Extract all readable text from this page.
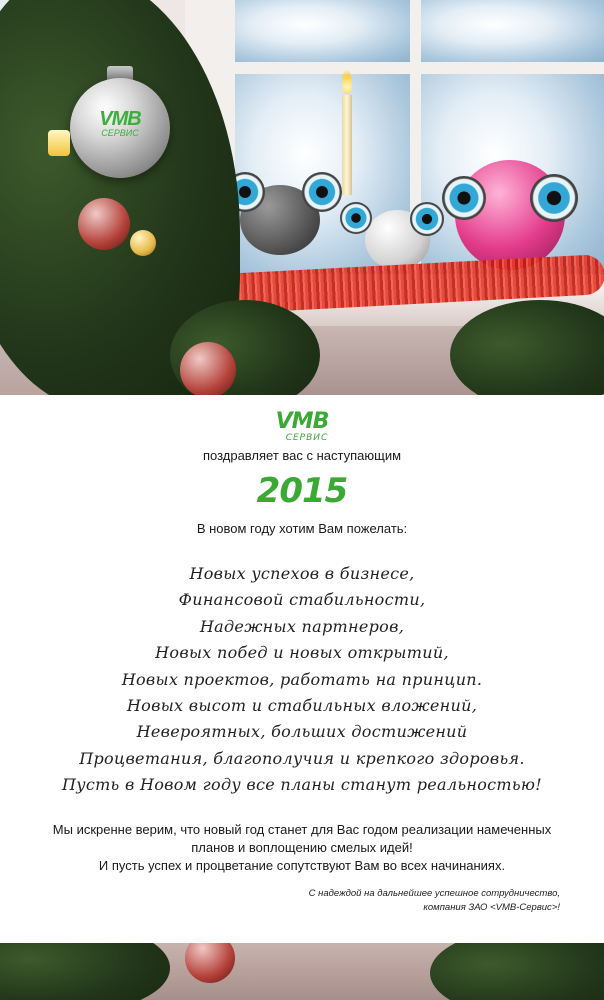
VMB
СЕРВИС
VMB
СЕРВИС
поздравляет вас с наступающим
2015
В новом году хотим Вам пожелать:
Новых успехов в бизнесе,
Финансовой стабильности,
Надежных партнеров,
Новых побед и новых открытий,
Новых проектов, работать на принцип.
Новых высот и стабильных вложений,
Невероятных, больших достижений
Процветания, благополучия и крепкого здоровья.
Пусть в Новом году все планы станут реальностью!
Мы искренне верим, что новый год станет для Вас годом реализации намеченных
планов и воплощению смелых идей!
И пусть успех и процветание сопутствуют Вам во всех начинаниях.
С надеждой на дальнейшее успешное сотрудничество,
компания ЗАО <VMB-Сервис>!
